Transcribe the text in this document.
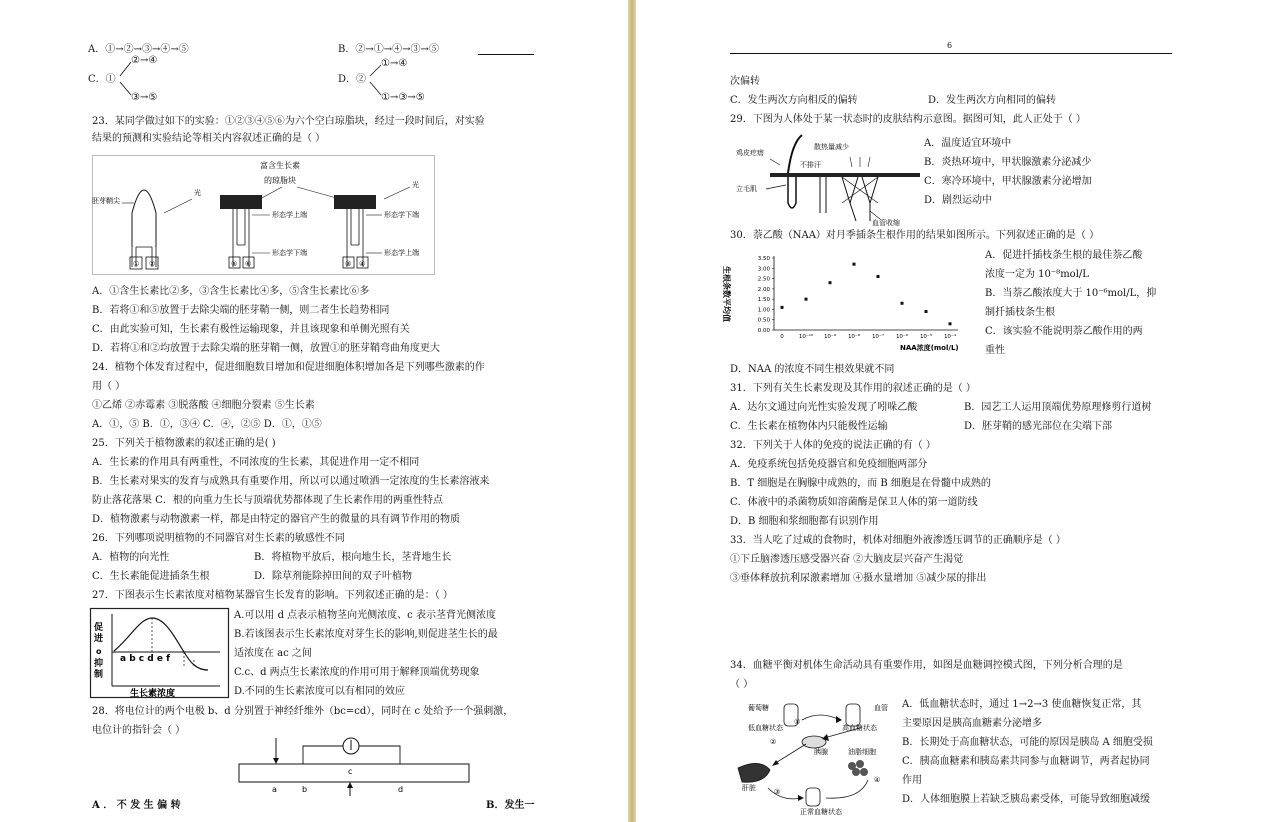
A．①→②→③→④→⑤	B．②→①→④→③→⑤
②→④
C．①
③→⑤
①→④
D．②
①→③→⑤
23．某同学做过如下的实验：①②③④⑤⑥为六个空白琼脂块，经过一段时间后，对实验
结果的预测和实验结论等相关内容叙述正确的是（ ）
胚芽鞘尖
① ②
光
富含生长素
的琼脂块
⑤ ⑥
形态学上端
形态学下端
③ ④
光
形态学下端
形态学上端
A．①含生长素比②多，③含生长素比④多，⑤含生长素比⑥多
B．若将①和⑤放置于去除尖端的胚芽鞘一侧，则二者生长趋势相同
C．由此实验可知，生长素有极性运输现象，并且该现象和单侧光照有关
D．若将①和②均放置于去除尖端的胚芽鞘一侧，放置①的胚芽鞘弯曲角度更大
24．植物个体发育过程中，促进细胞数目增加和促进细胞体积增加各是下列哪些激素的作
用（ ）
①乙烯 ②赤霉素 ③脱落酸 ④细胞分裂素 ⑤生长素
A．①，⑤ B．①，③④ C．④，②⑤ D．①，①⑤
25．下列关于植物激素的叙述正确的是( )
A．生长素的作用具有两重性，不同浓度的生长素，其促进作用一定不相同
B．生长素对果实的发育与成熟具有重要作用，所以可以通过喷洒一定浓度的生长素溶液来
防止落花落果 C．根的向重力生长与顶端优势都体现了生长素作用的两重性特点
D．植物激素与动物激素一样，都是由特定的器官产生的微量的具有调节作用的物质
26．下列哪项说明植物的不同器官对生长素的敏感性不同
A．植物的向光性	B．将植物平放后，根向地生长，茎背地生长
C．生长素能促进插条生根	D．除草剂能除掉田间的双子叶植物
27．下图表示生长素浓度对植物某器官生长发育的影响。下列叙述正确的是：（ ）
促
进
o
抑
制
a b c d e f
生长素浓度
A.可以用 d 点表示植物茎向光侧浓度、c 表示茎背光侧浓度
B.若该图表示生长素浓度对芽生长的影响,则促进茎生长的最
适浓度在 ac 之间
C.c、d 两点生长素浓度的作用可用于解释顶端优势现象
D.不同的生长素浓度可以有相同的效应
28．将电位计的两个电极 b、d 分别置于神经纤维外（bc=cd），同时在 c 处给予一个强刺激，
电位计的指针会（ ）
c
a	b	d
A ． 不 发 生 偏 转	B．发生一
6
次偏转
C．发生两次方向相反的偏转	D．发生两次方向相同的偏转
29．下图为人体处于某一状态时的皮肤结构示意图。据图可知，此人正处于（ ）
鸡皮疙瘩
散热量减少
不排汗
立毛肌
血管收缩
A．温度适宜环境中
B．炎热环境中，甲状腺激素分泌减少
C．寒冷环境中，甲状腺激素分泌增加
D．剧烈运动中
30．萘乙酸（NAA）对月季插条生根作用的结果如图所示。下列叙述正确的是（ ）
生根条数平均值
0.00
0.50
1.00
1.50
2.00
2.50
3.00
3.50
0	10⁻¹⁰ 10⁻⁹ 10⁻⁸ 10⁻⁷ 10⁻⁶ 10⁻⁵ 10⁻⁴
NAA浓度(mol/L)
A．促进扦插枝条生根的最佳萘乙酸
浓度一定为 10⁻⁸mol/L
B．当萘乙酸浓度大于 10⁻⁶mol/L，抑
制扦插枝条生根
C．该实验不能说明萘乙酸作用的两
重性
D．NAA 的浓度不同生根效果就不同
31．下列有关生长素发现及其作用的叙述正确的是（ ）
A．达尔文通过向光性实验发现了吲哚乙酸	B．园艺工人运用顶端优势原理修剪行道树
C．生长素在植物体内只能极性运输	D．胚芽鞘的感光部位在尖端下部
32．下列关于人体的免疫的说法正确的有（ ）
A．免疫系统包括免疫器官和免疫细胞两部分
B．T 细胞是在胸腺中成熟的，而 B 细胞是在骨髓中成熟的
C．体液中的杀菌物质如溶菌酶是保卫人体的第一道防线
D．B 细胞和浆细胞都有识别作用
33．当人吃了过咸的食物时，机体对细胞外液渗透压调节的正确顺序是（ ）
①下丘脑渗透压感受器兴奋 ②大脑皮层兴奋产生渴觉
③垂体释放抗利尿激素增加 ④摄水量增加 ⑤减少尿的排出
34．血糖平衡对机体生命活动具有重要作用，如图是血糖调控模式图，下列分析合理的是
（ ）
葡萄糖
低血糖状态
血管
高血糖状态
胰腺	油脂细胞
肝脏
正常血糖状态
①
②
③
④
A．低血糖状态时，通过 1→2→3 使血糖恢复正常，其
主要原因是胰高血糖素分泌增多
B．长期处于高血糖状态，可能的原因是胰岛 A 细胞受损
C．胰高血糖素和胰岛素共同参与血糖调节，两者起协同
作用
D．人体细胞膜上若缺乏胰岛素受体，可能导致细胞减缓
